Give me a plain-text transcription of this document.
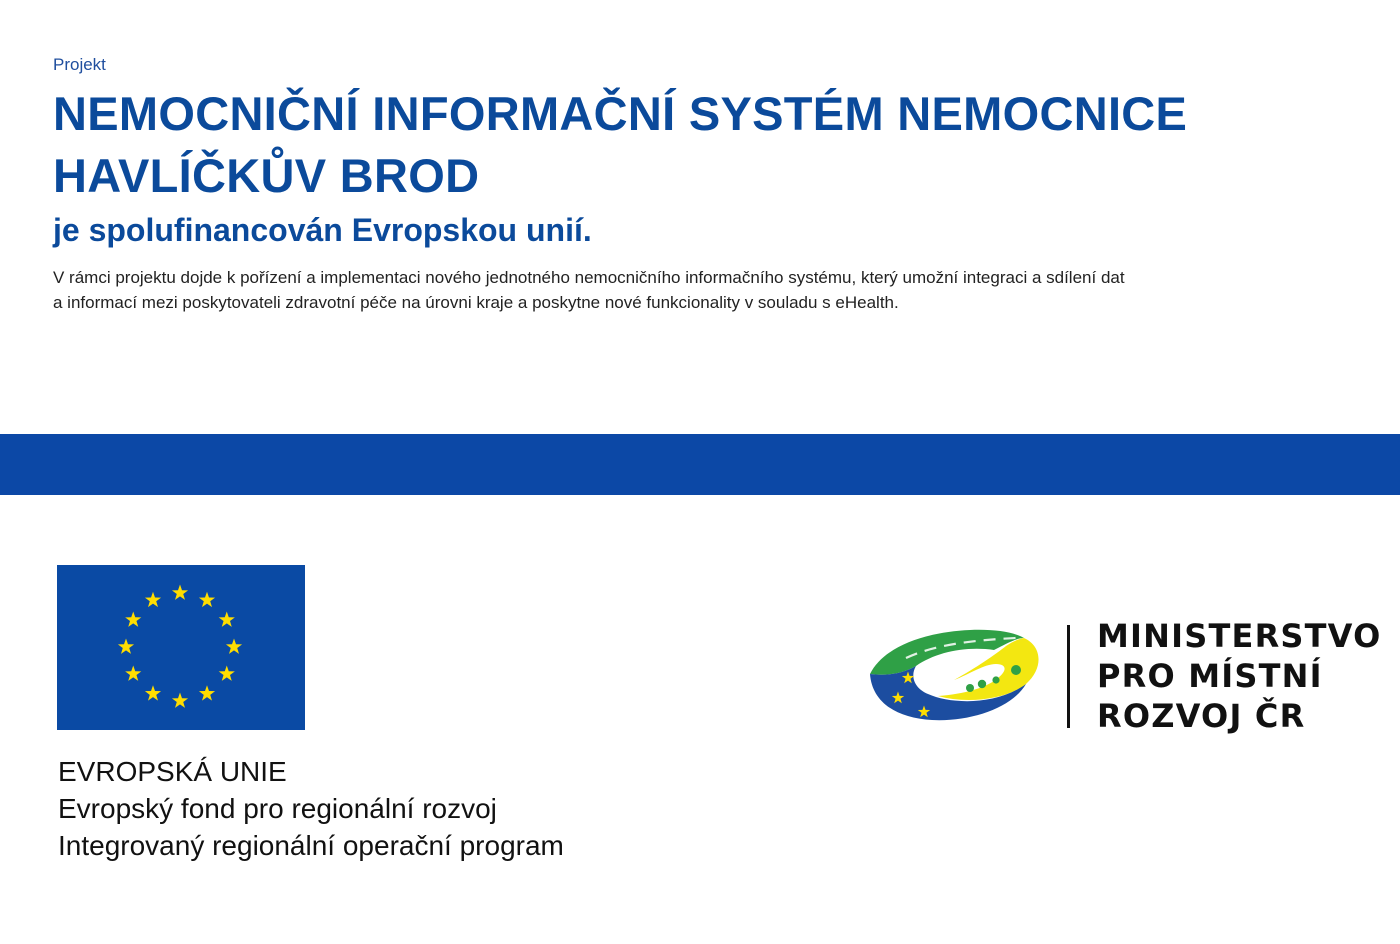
Projekt

NEMOCNIČNÍ INFORMAČNÍ SYSTÉM NEMOCNICE
HAVLÍČKŮV BROD
je spolufinancován Evropskou unií.

V rámci projektu dojde k pořízení a implementaci nového jednotného nemocničního informačního systému, který umožní integraci a sdílení dat
a informací mezi poskytovateli zdravotní péče na úrovni kraje a poskytne nové funkcionality v souladu s eHealth.

EVROPSKÁ UNIE
Evropský fond pro regionální rozvoj
Integrovaný regionální operační program

MINISTERSTVO
PRO MÍSTNÍ
ROZVOJ ČR
